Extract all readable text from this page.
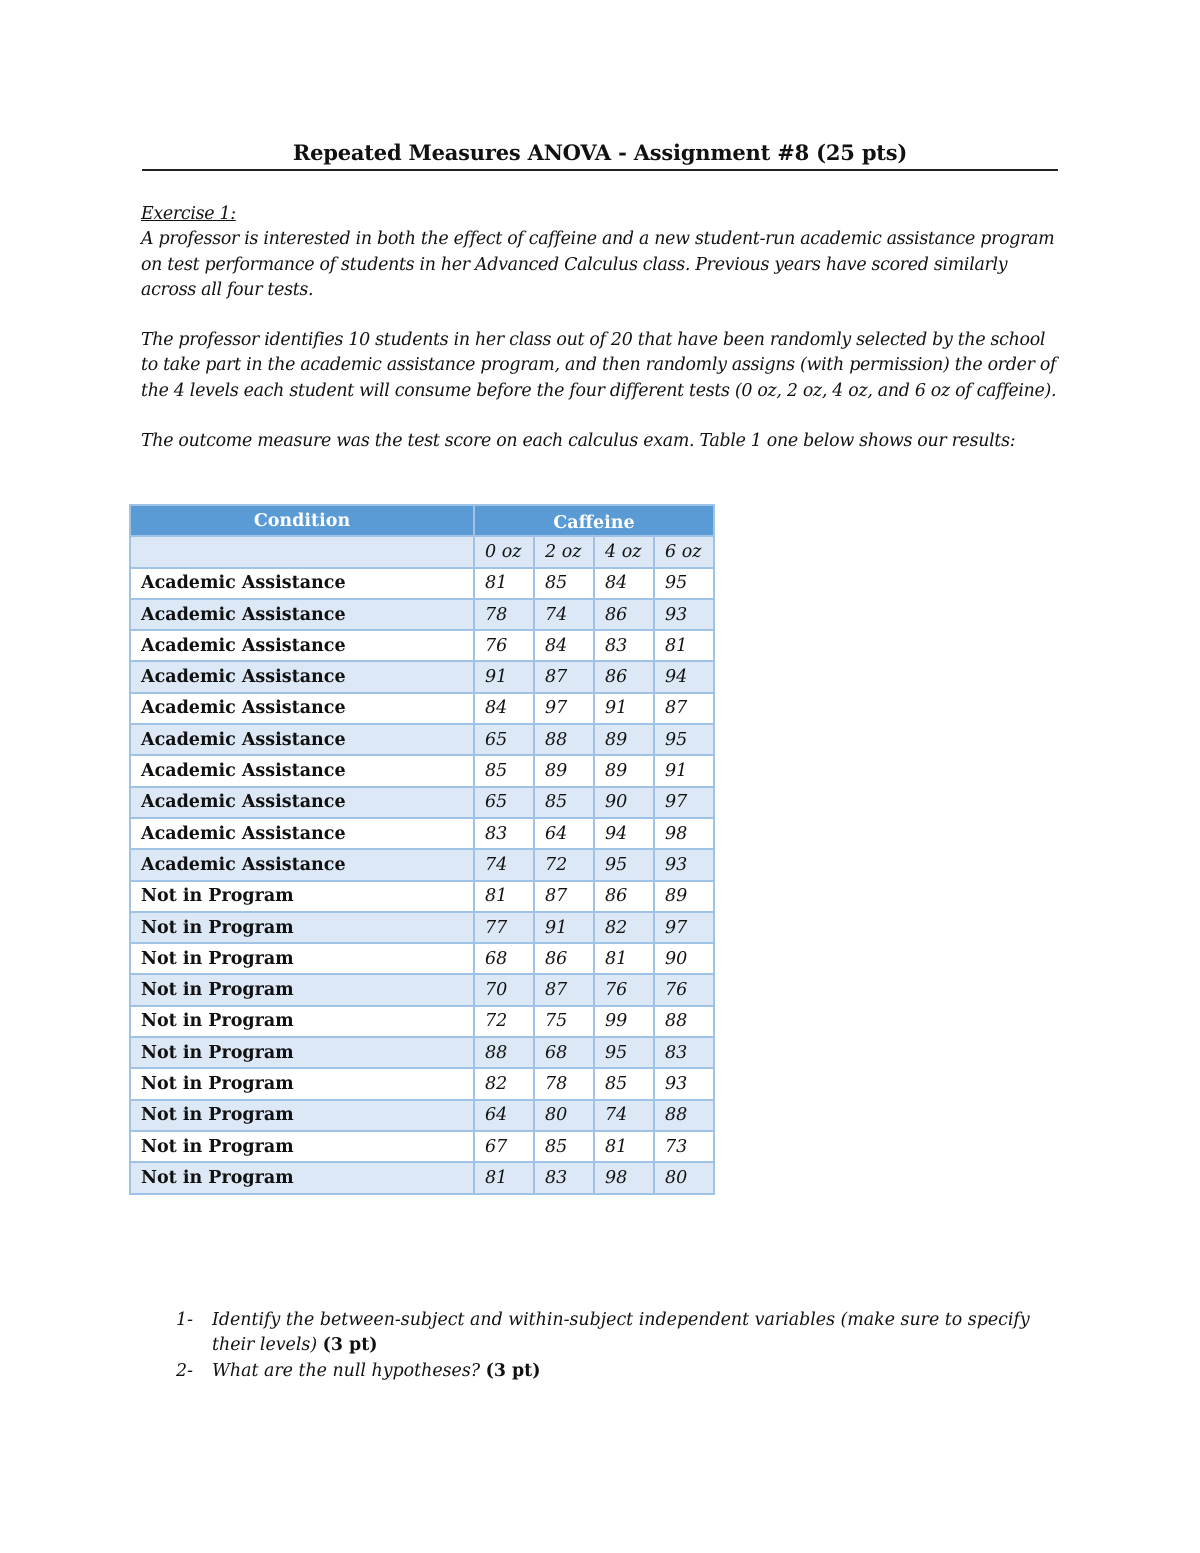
Repeated Measures ANOVA - Assignment #8 (25 pts)

Exercise 1:

A professor is interested in both the effect of caffeine and a new student-run academic assistance program on test performance of students in her Advanced Calculus class. Previous years have scored similarly across all four tests.

The professor identifies 10 students in her class out of 20 that have been randomly selected by the school to take part in the academic assistance program, and then randomly assigns (with permission) the order of the 4 levels each student will consume before the four different tests (0 oz, 2 oz, 4 oz, and 6 oz of caffeine).

The outcome measure was the test score on each calculus exam. Table 1 one below shows our results:

Condition	Caffeine			

	0 oz	2 oz	4 oz	6 oz
Academic Assistance	81	85	84	95
Academic Assistance	78	74	86	93
Academic Assistance	76	84	83	81
Academic Assistance	91	87	86	94
Academic Assistance	84	97	91	87
Academic Assistance	65	88	89	95
Academic Assistance	85	89	89	91
Academic Assistance	65	85	90	97
Academic Assistance	83	64	94	98
Academic Assistance	74	72	95	93
Not in Program	81	87	86	89
Not in Program	77	91	82	97
Not in Program	68	86	81	90
Not in Program	70	87	76	76
Not in Program	72	75	99	88
Not in Program	88	68	95	83
Not in Program	82	78	85	93
Not in Program	64	80	74	88
Not in Program	67	85	81	73
Not in Program	81	83	98	80
1- Identify the between-subject and within-subject independent variables (make sure to specify their levels) (3 pt)
2- What are the null hypotheses? (3 pt)
